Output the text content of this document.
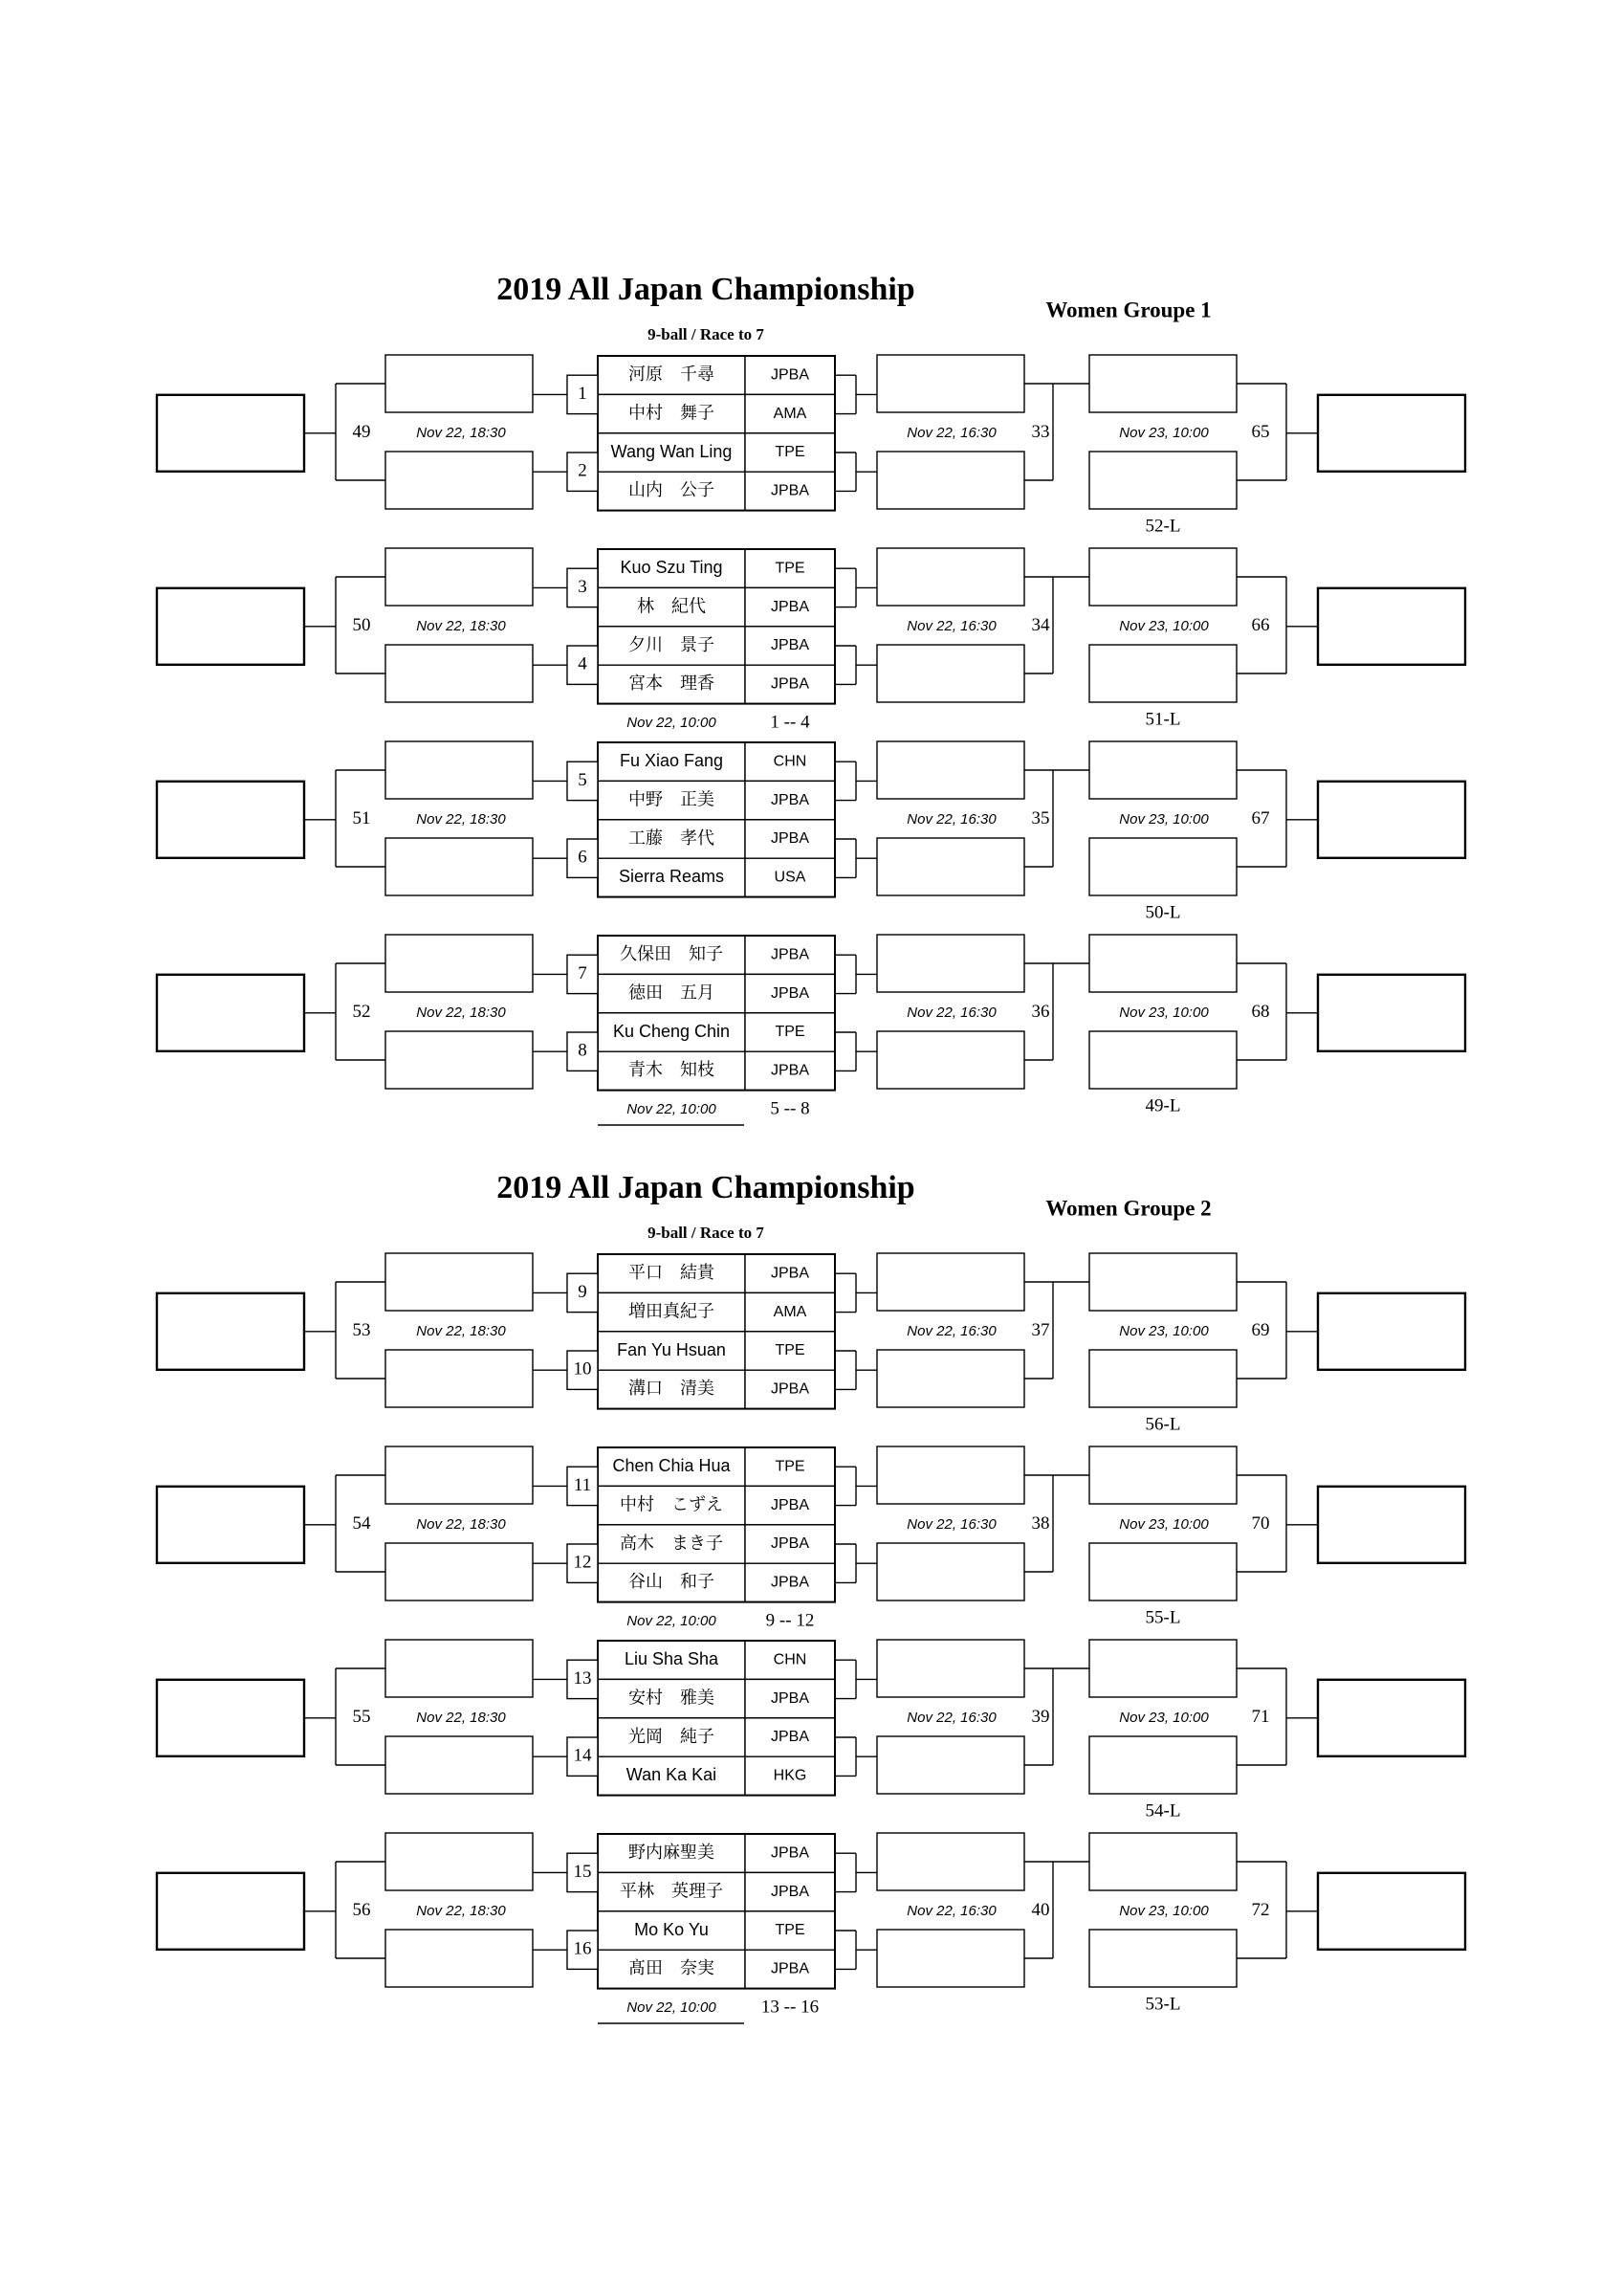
2019 All Japan Championship
9-ball / Race to 7
Women Groupe 1
河原　千尋	JPBA
中村　舞子	AMA
Wang Wan Ling	TPE
山内　公子	JPBA
1
2
49	Nov 22, 18:30	Nov 22, 16:30 33	Nov 23, 10:00 65
52-L
Kuo Szu Ting	TPE
林　紀代	JPBA
夕川　景子	JPBA
宮本　理香	JPBA
3
4
50	Nov 22, 18:30	Nov 22, 16:30 34	Nov 23, 10:00 66
51-L
Nov 22, 10:00	1 -- 4
Fu Xiao Fang	CHN
中野　正美	JPBA
工藤　孝代	JPBA
Sierra Reams	USA
5
6
51	Nov 22, 18:30	Nov 22, 16:30 35	Nov 23, 10:00 67
50-L
久保田　知子	JPBA
徳田　五月	JPBA
Ku Cheng Chin	TPE
青木　知枝	JPBA
7
8
52	Nov 22, 18:30	Nov 22, 16:30 36	Nov 23, 10:00 68
49-L
Nov 22, 10:00	5 -- 8
2019 All Japan Championship
9-ball / Race to 7
Women Groupe 2
平口　結貴	JPBA
増田真紀子	AMA
Fan Yu Hsuan	TPE
溝口　清美	JPBA
9
10
53	Nov 22, 18:30	Nov 22, 16:30 37	Nov 23, 10:00 69
56-L
Chen Chia Hua	TPE
中村　こずえ	JPBA
高木　まき子	JPBA
谷山　和子	JPBA
11
12
54	Nov 22, 18:30	Nov 22, 16:30 38	Nov 23, 10:00 70
55-L
Nov 22, 10:00	9 -- 12
Liu Sha Sha	CHN
安村　雅美	JPBA
光岡　純子	JPBA
Wan Ka Kai	HKG
13
14
55	Nov 22, 18:30	Nov 22, 16:30 39	Nov 23, 10:00 71
54-L
野内麻聖美	JPBA
平林　英理子	JPBA
Mo Ko Yu	TPE
髙田　奈実	JPBA
15
16
56	Nov 22, 18:30	Nov 22, 16:30 40	Nov 23, 10:00 72
53-L
Nov 22, 10:00 13 -- 16
